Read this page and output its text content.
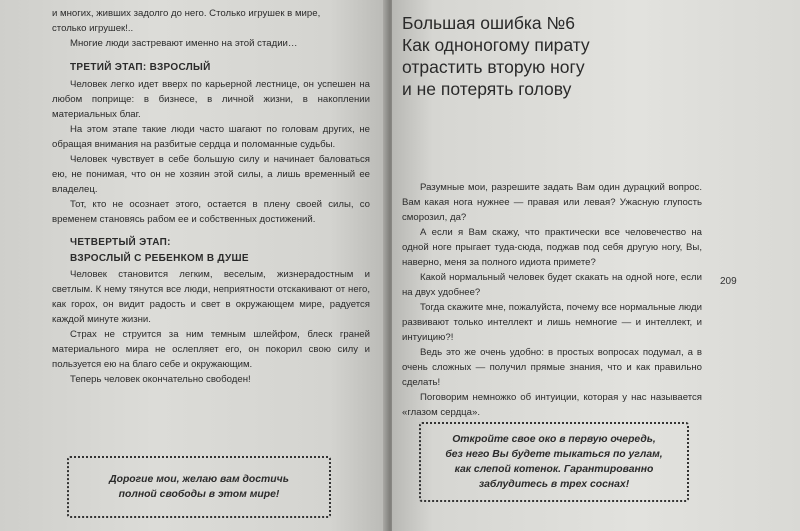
и многих, живших задолго до него. Столько игрушек в мире,

столько игрушек!..

Многие люди застревают именно на этой стадии…

ТРЕТИЙ ЭТАП: ВЗРОСЛЫЙ

Человек легко идет вверх по карьерной лестнице, он успешен на любом поприще: в бизнесе, в личной жизни, в накоплении материальных благ.

На этом этапе такие люди часто шагают по головам других, не обращая внимания на разбитые сердца и поломанные судьбы.

Человек чувствует в себе большую силу и начинает баловаться ею, не понимая, что он не хозяин этой силы, а лишь временный ее владелец.

Тот, кто не осознает этого, остается в плену своей силы, со временем становясь рабом ее и собственных достижений.

ЧЕТВЕРТЫЙ ЭТАП:

ВЗРОСЛЫЙ С РЕБЕНКОМ В ДУШЕ

Человек становится легким, веселым, жизнерадостным и светлым. К нему тянутся все люди, неприятности отскакивают от него, как горох, он видит радость и свет в окружающем мире, радуется каждой минуте жизни.

Страх не струится за ним темным шлейфом, блеск граней материального мира не ослепляет его, он покорил свою силу и пользуется ею на благо себе и окружающим.

Теперь человек окончательно свободен!

Дорогие мои, желаю вам достичь
полной свободы в этом мире!
Большая ошибка №6
Как одноногому пирату
отрастить вторую ногу
и не потерять голову

Разумные мои, разрешите задать Вам один дурацкий вопрос. Вам какая нога нужнее — правая или левая? Ужасную глупость сморозил, да?

А если я Вам скажу, что практически все человечество на одной ноге прыгает туда-сюда, поджав под себя другую ногу, Вы, наверно, меня за полного идиота примете?

Какой нормальный человек будет скакать на одной ноге, если на двух удобнее?

Тогда скажите мне, пожалуйста, почему все нормальные люди развивают только интеллект и лишь немногие — и интеллект, и интуицию?!

Ведь это же очень удобно: в простых вопросах подумал, а в очень сложных — получил прямые знания, что и как правильно сделать!

Поговорим немножко об интуиции, которая у нас называется «глазом сердца».

209
Откройте свое око в первую очередь,
без него Вы будете тыкаться по углам,
как слепой котенок. Гарантированно
заблудитесь в трех соснах!
